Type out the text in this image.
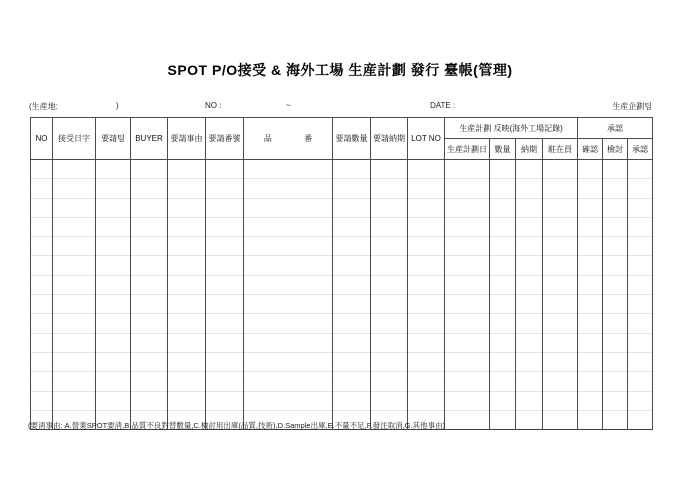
SPOT P/O接受 & 海外工場 生産計劃 發行 臺帳(管理)
(生産地:	)	NO :	~	DATE :	生産企劃팀
NO	接受日字	要請팀	BUYER	要請事由	要請番號	品 番	要請數量	要請納期	LOT NO	生産計劃 反映(海外工場記錄)				承認		
										生産計劃日	數量	納期	駐在員	確認	檢討	承認

(要淸事由: A.營業SPOT要淸,B.品質不良對替數量,C.檢討用出庫(品質,技術),D.Sample出庫,E.不量不足,F.發注取消,G.其他事由)
